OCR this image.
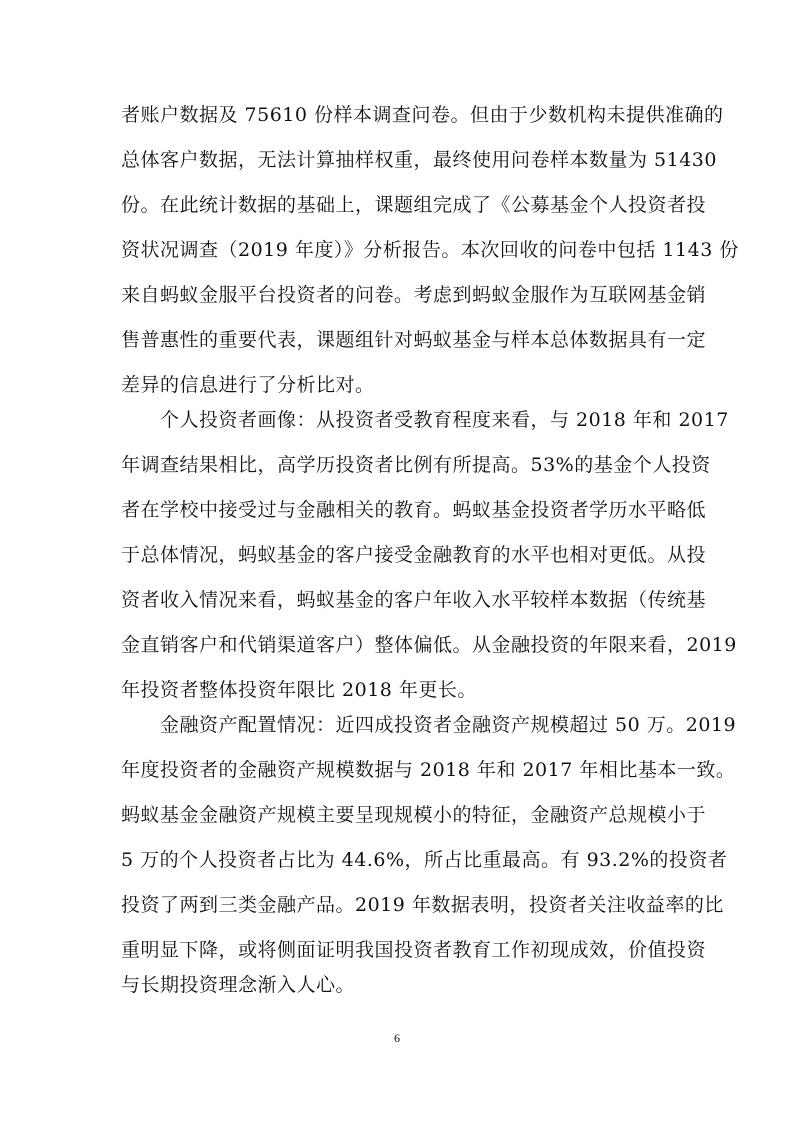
者账户数据及 75610 份样本调查问卷。但由于少数机构未提供准确的
总体客户数据，无法计算抽样权重，最终使用问卷样本数量为 51430
份。在此统计数据的基础上，课题组完成了《公募基金个人投资者投
资状况调查（2019 年度）》分析报告。本次回收的问卷中包括 1143 份
来自蚂蚁金服平台投资者的问卷。考虑到蚂蚁金服作为互联网基金销
售普惠性的重要代表，课题组针对蚂蚁基金与样本总体数据具有一定
差异的信息进行了分析比对。
个人投资者画像：从投资者受教育程度来看，与 2018 年和 2017
年调查结果相比，高学历投资者比例有所提高。53%的基金个人投资
者在学校中接受过与金融相关的教育。蚂蚁基金投资者学历水平略低
于总体情况，蚂蚁基金的客户接受金融教育的水平也相对更低。从投
资者收入情况来看，蚂蚁基金的客户年收入水平较样本数据（传统基
金直销客户和代销渠道客户）整体偏低。从金融投资的年限来看，2019
年投资者整体投资年限比 2018 年更长。
金融资产配置情况：近四成投资者金融资产规模超过 50 万。2019
年度投资者的金融资产规模数据与 2018 年和 2017 年相比基本一致。
蚂蚁基金金融资产规模主要呈现规模小的特征，金融资产总规模小于
5 万的个人投资者占比为 44.6%，所占比重最高。有 93.2%的投资者
投资了两到三类金融产品。2019 年数据表明，投资者关注收益率的比
重明显下降，或将侧面证明我国投资者教育工作初现成效，价值投资
与长期投资理念渐入人心。
6
